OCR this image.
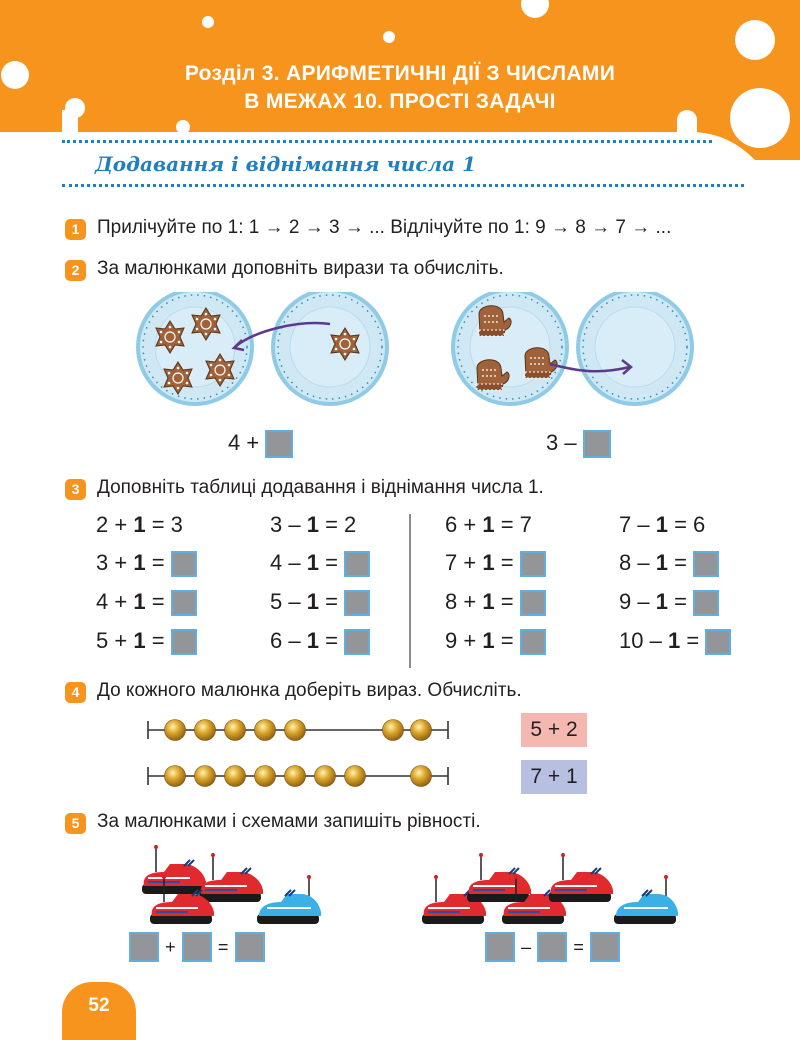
Розділ 3. АРИФМЕТИЧНІ ДІЇ З ЧИСЛАМИ
В МЕЖАХ 10. ПРОСТІ ЗАДАЧІ
Додавання і віднімання числа 1
1 Прилічуйте по 1: 1 → 2 → 3 → ... Відлічуйте по 1: 9 → 8 → 7 → ...
2 За малюнками доповніть вирази та обчисліть.
4 +	3 –
3 Доповніть таблиці додавання і віднімання числа 1.
2 + 1 = 3
3 + 1 =
4 + 1 =
5 + 1 =
3 – 1 = 2
4 – 1 =
5 – 1 =
6 – 1 =
6 + 1 = 7
7 + 1 =
8 + 1 =
9 + 1 =
7 – 1 = 6
8 – 1 =
9 – 1 =
10 – 1 =
4 До кожного малюнка доберіть вираз. Обчисліть.
5 + 2
7 + 1
5 За малюнками і схемами запишіть рівності.
+ =	– =
52
